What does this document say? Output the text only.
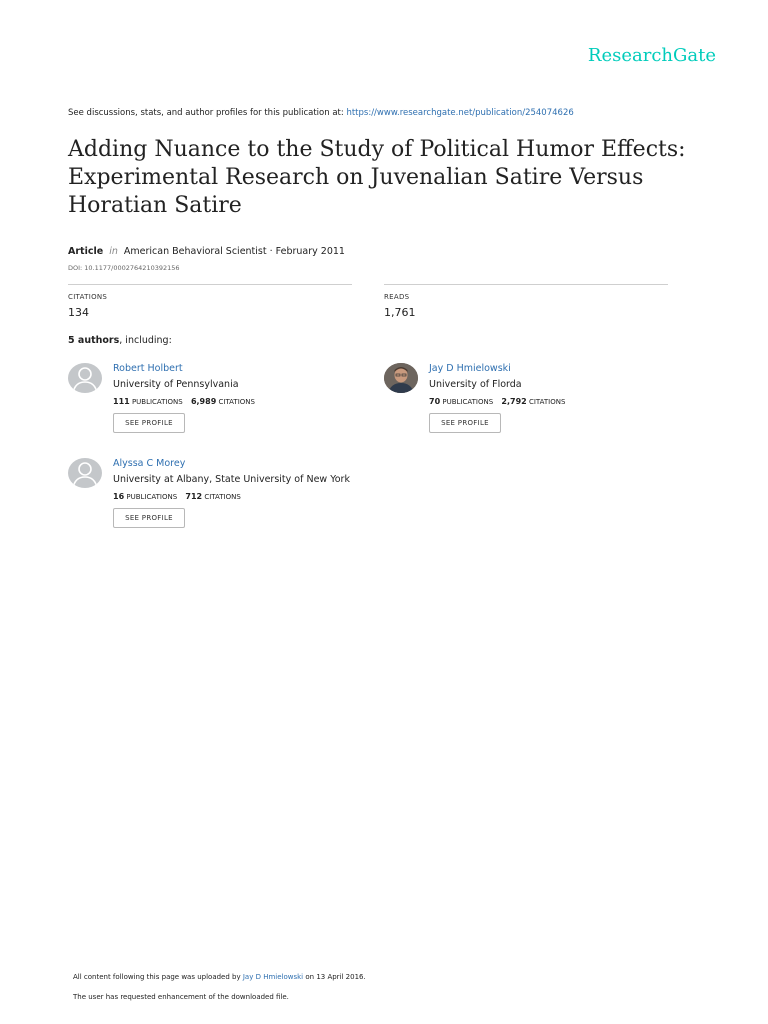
ResearchGate
See discussions, stats, and author profiles for this publication at: https://www.researchgate.net/publication/254074626
Adding Nuance to the Study of Political Humor Effects: Experimental Research on Juvenalian Satire Versus Horatian Satire
Article in American Behavioral Scientist · February 2011
DOI: 10.1177/0002764210392156
CITATIONS
134
READS
1,761
5 authors, including:
Robert Holbert
University of Pennsylvania
111 PUBLICATIONS 6,989 CITATIONS
SEE PROFILE
Jay D Hmielowski
University of Florda
70 PUBLICATIONS 2,792 CITATIONS
SEE PROFILE
Alyssa C Morey
University at Albany, State University of New York
16 PUBLICATIONS 712 CITATIONS
SEE PROFILE
All content following this page was uploaded by Jay D Hmielowski on 13 April 2016.
The user has requested enhancement of the downloaded file.
